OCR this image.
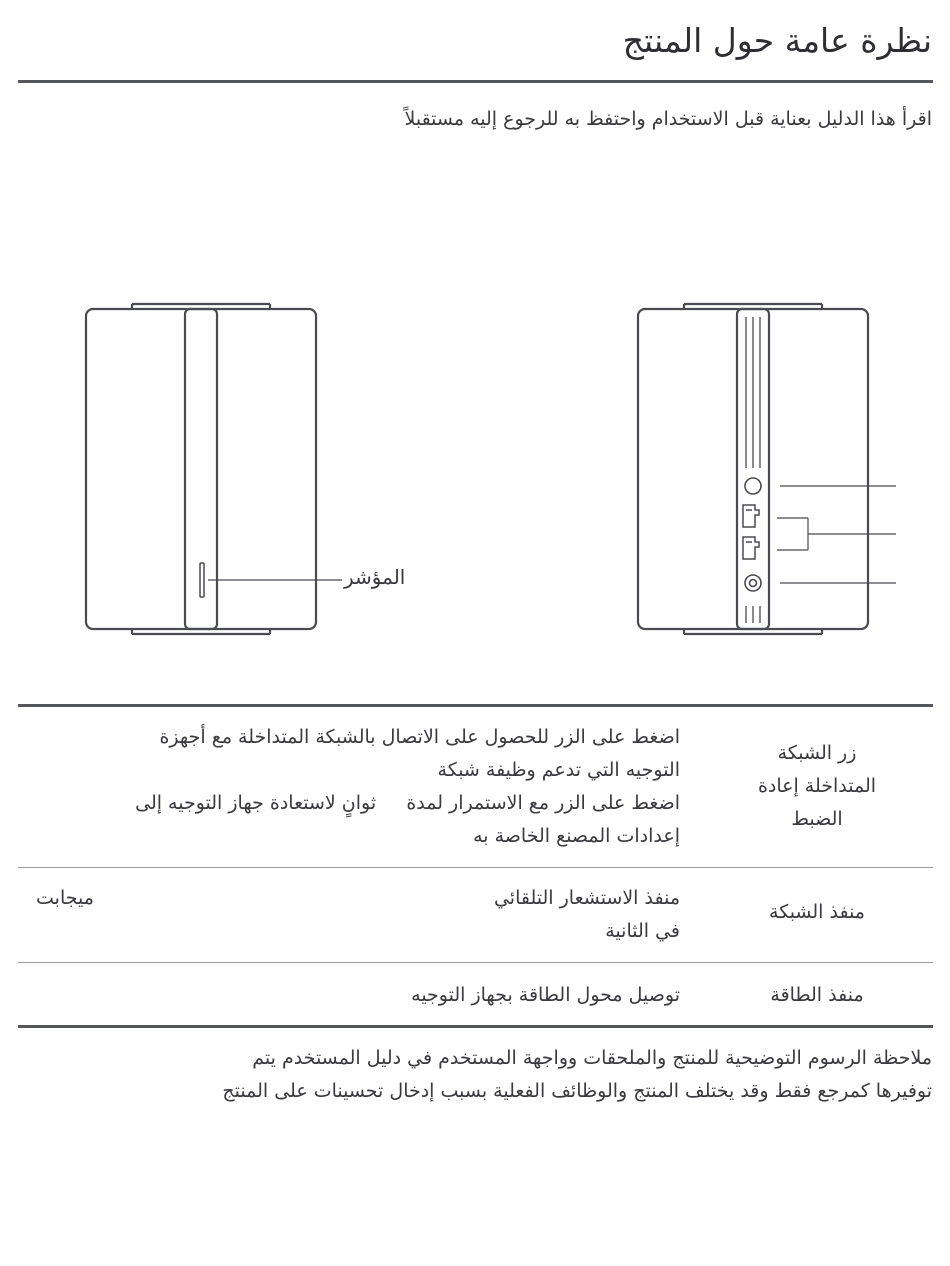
نظرة عامة حول المنتج
اقرأ هذا الدليل بعناية قبل الاستخدام واحتفظ به للرجوع إليه مستقبلاً
المؤشر
زر الشبكة
المتداخلة إعادة
الضبط
اضغط على الزر للحصول على الاتصال بالشبكة المتداخلة مع أجهزة
التوجيه التي تدعم وظيفة شبكة
اضغط على الزر مع الاستمرار لمدة     ثوانٍ لاستعادة جهاز التوجيه إلى
إعدادات المصنع الخاصة به
منفذ الشبكة
منفذ الاستشعار التلقائي
في الثانية
ميجابت
منفذ الطاقة
توصيل محول الطاقة بجهاز التوجيه
ملاحظة الرسوم التوضيحية للمنتج والملحقات وواجهة المستخدم في دليل المستخدم يتم
توفيرها كمرجع فقط وقد يختلف المنتج والوظائف الفعلية بسبب إدخال تحسينات على المنتج
